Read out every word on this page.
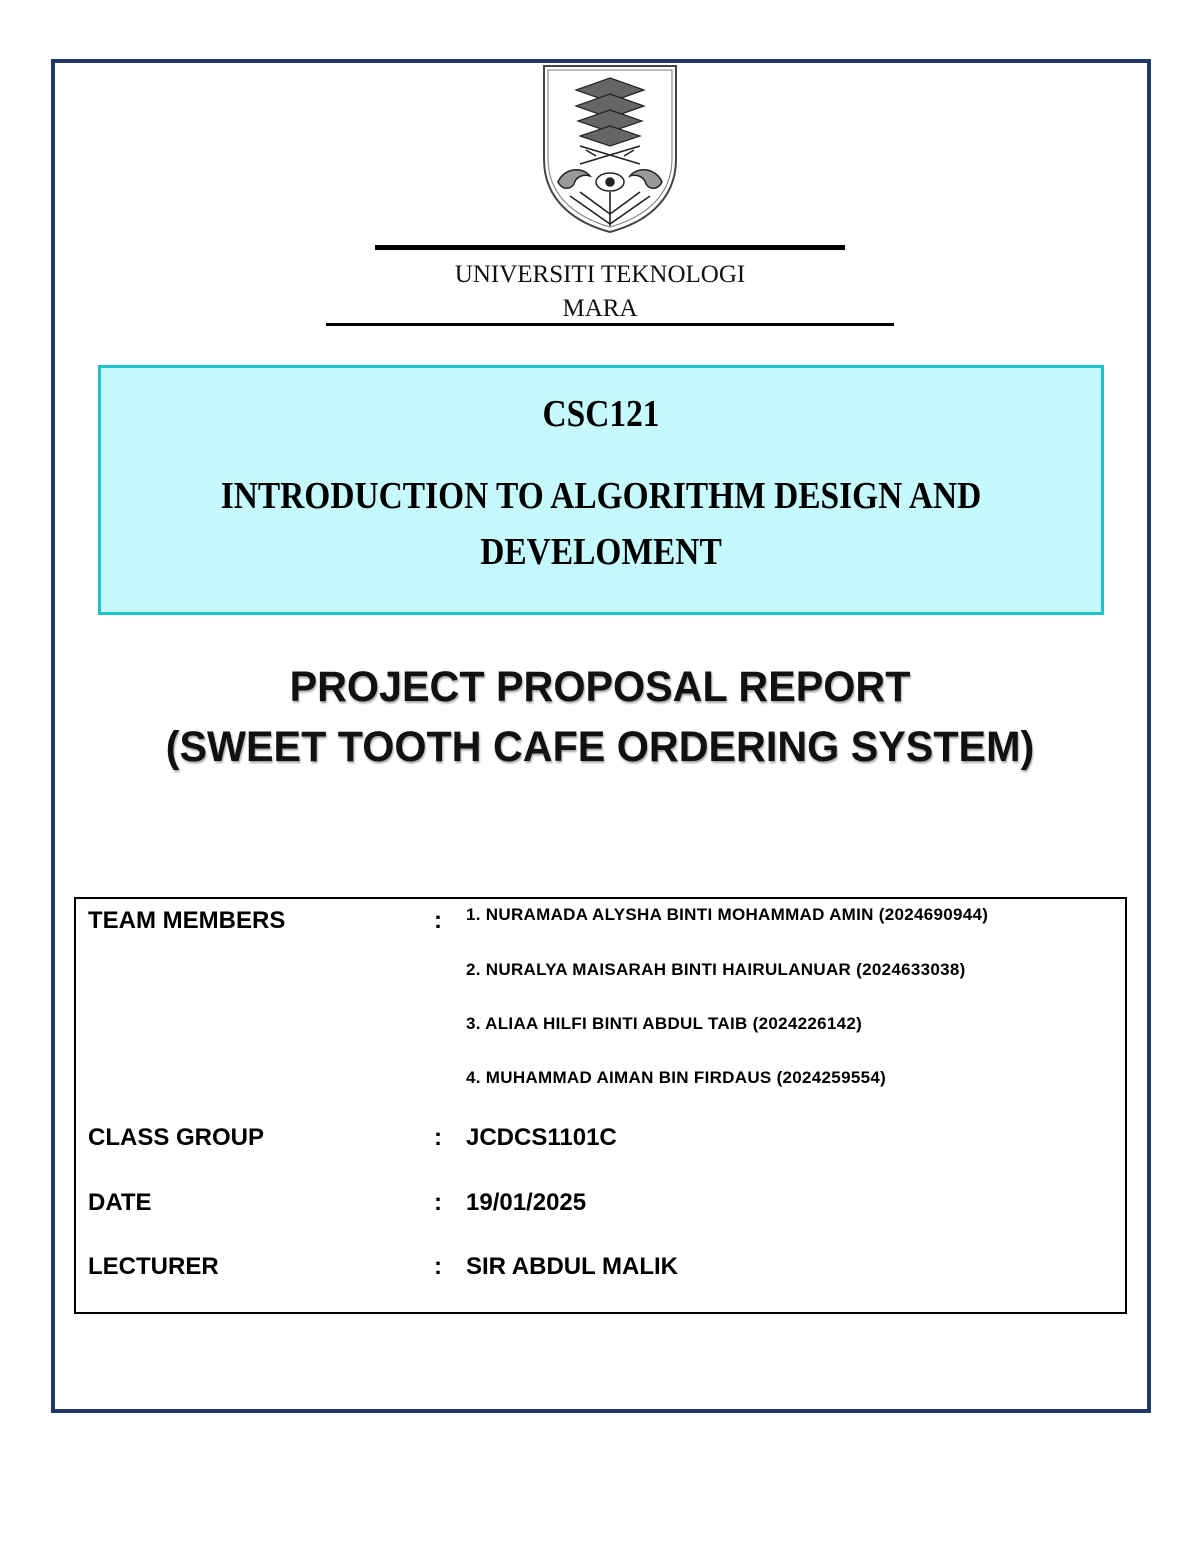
UNIVERSITI TEKNOLOGI
MARA
CSC121
INTRODUCTION TO ALGORITHM DESIGN AND
DEVELOMENT
PROJECT PROPOSAL REPORT
(SWEET TOOTH CAFE ORDERING SYSTEM)
TEAM MEMBERS	: 1. NURAMADA ALYSHA BINTI MOHAMMAD AMIN (2024690944)
2. NURALYA MAISARAH BINTI HAIRULANUAR (2024633038)
3. ALIAA HILFI BINTI ABDUL TAIB (2024226142)
4. MUHAMMAD AIMAN BIN FIRDAUS (2024259554)
CLASS GROUP	: JCDCS1101C
DATE	: 19/01/2025
LECTURER	: SIR ABDUL MALIK
